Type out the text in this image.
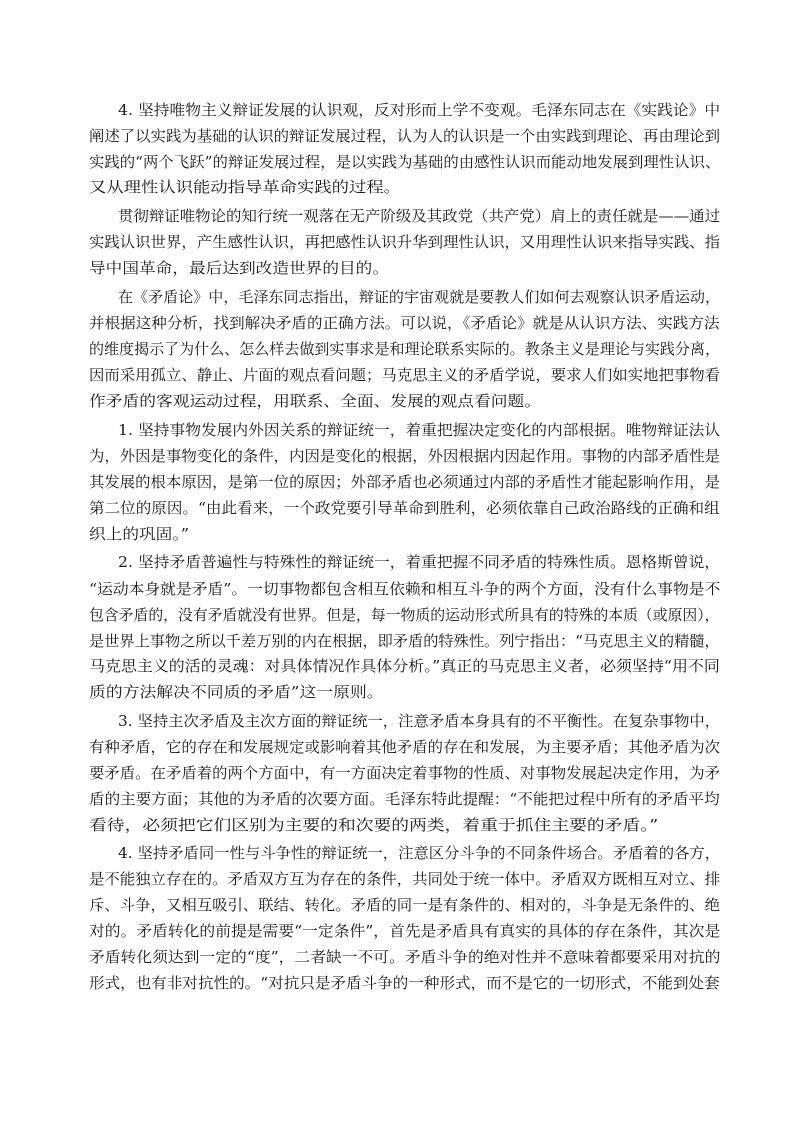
4. 坚持唯物主义辩证发展的认识观，反对形而上学不变观。毛泽东同志在《实践论》中
阐述了以实践为基础的认识的辩证发展过程，认为人的认识是一个由实践到理论、再由理论到
实践的“两个飞跃”的辩证发展过程，是以实践为基础的由感性认识而能动地发展到理性认识、
又从理性认识能动指导革命实践的过程。
贯彻辩证唯物论的知行统一观落在无产阶级及其政党（共产党）肩上的责任就是——通过
实践认识世界，产生感性认识，再把感性认识升华到理性认识，又用理性认识来指导实践、指
导中国革命，最后达到改造世界的目的。
在《矛盾论》中，毛泽东同志指出，辩证的宇宙观就是要教人们如何去观察认识矛盾运动，
并根据这种分析，找到解决矛盾的正确方法。可以说，《矛盾论》就是从认识方法、实践方法
的维度揭示了为什么、怎么样去做到实事求是和理论联系实际的。教条主义是理论与实践分离，
因而采用孤立、静止、片面的观点看问题；马克思主义的矛盾学说，要求人们如实地把事物看
作矛盾的客观运动过程，用联系、全面、发展的观点看问题。
1. 坚持事物发展内外因关系的辩证统一，着重把握决定变化的内部根据。唯物辩证法认
为，外因是事物变化的条件，内因是变化的根据，外因根据内因起作用。事物的内部矛盾性是
其发展的根本原因，是第一位的原因；外部矛盾也必须通过内部的矛盾性才能起影响作用，是
第二位的原因。“由此看来，一个政党要引导革命到胜利，必须依靠自己政治路线的正确和组
织上的巩固。”
2. 坚持矛盾普遍性与特殊性的辩证统一，着重把握不同矛盾的特殊性质。恩格斯曾说，
“运动本身就是矛盾”。一切事物都包含相互依赖和相互斗争的两个方面，没有什么事物是不
包含矛盾的，没有矛盾就没有世界。但是，每一物质的运动形式所具有的特殊的本质（或原因），
是世界上事物之所以千差万别的内在根据，即矛盾的特殊性。列宁指出：“马克思主义的精髓，
马克思主义的活的灵魂：对具体情况作具体分析。”真正的马克思主义者，必须坚持“用不同
质的方法解决不同质的矛盾”这一原则。
3. 坚持主次矛盾及主次方面的辩证统一，注意矛盾本身具有的不平衡性。在复杂事物中，
有种矛盾，它的存在和发展规定或影响着其他矛盾的存在和发展，为主要矛盾；其他矛盾为次
要矛盾。在矛盾着的两个方面中，有一方面决定着事物的性质、对事物发展起决定作用，为矛
盾的主要方面；其他的为矛盾的次要方面。毛泽东特此提醒：“不能把过程中所有的矛盾平均
看待，必须把它们区别为主要的和次要的两类，着重于抓住主要的矛盾。”
4. 坚持矛盾同一性与斗争性的辩证统一，注意区分斗争的不同条件场合。矛盾着的各方，
是不能独立存在的。矛盾双方互为存在的条件，共同处于统一体中。矛盾双方既相互对立、排
斥、斗争，又相互吸引、联结、转化。矛盾的同一是有条件的、相对的，斗争是无条件的、绝
对的。矛盾转化的前提是需要“一定条件”，首先是矛盾具有真实的具体的存在条件，其次是
矛盾转化须达到一定的“度”，二者缺一不可。矛盾斗争的绝对性并不意味着都要采用对抗的
形式，也有非对抗性的。“对抗只是矛盾斗争的一种形式，而不是它的一切形式，不能到处套
